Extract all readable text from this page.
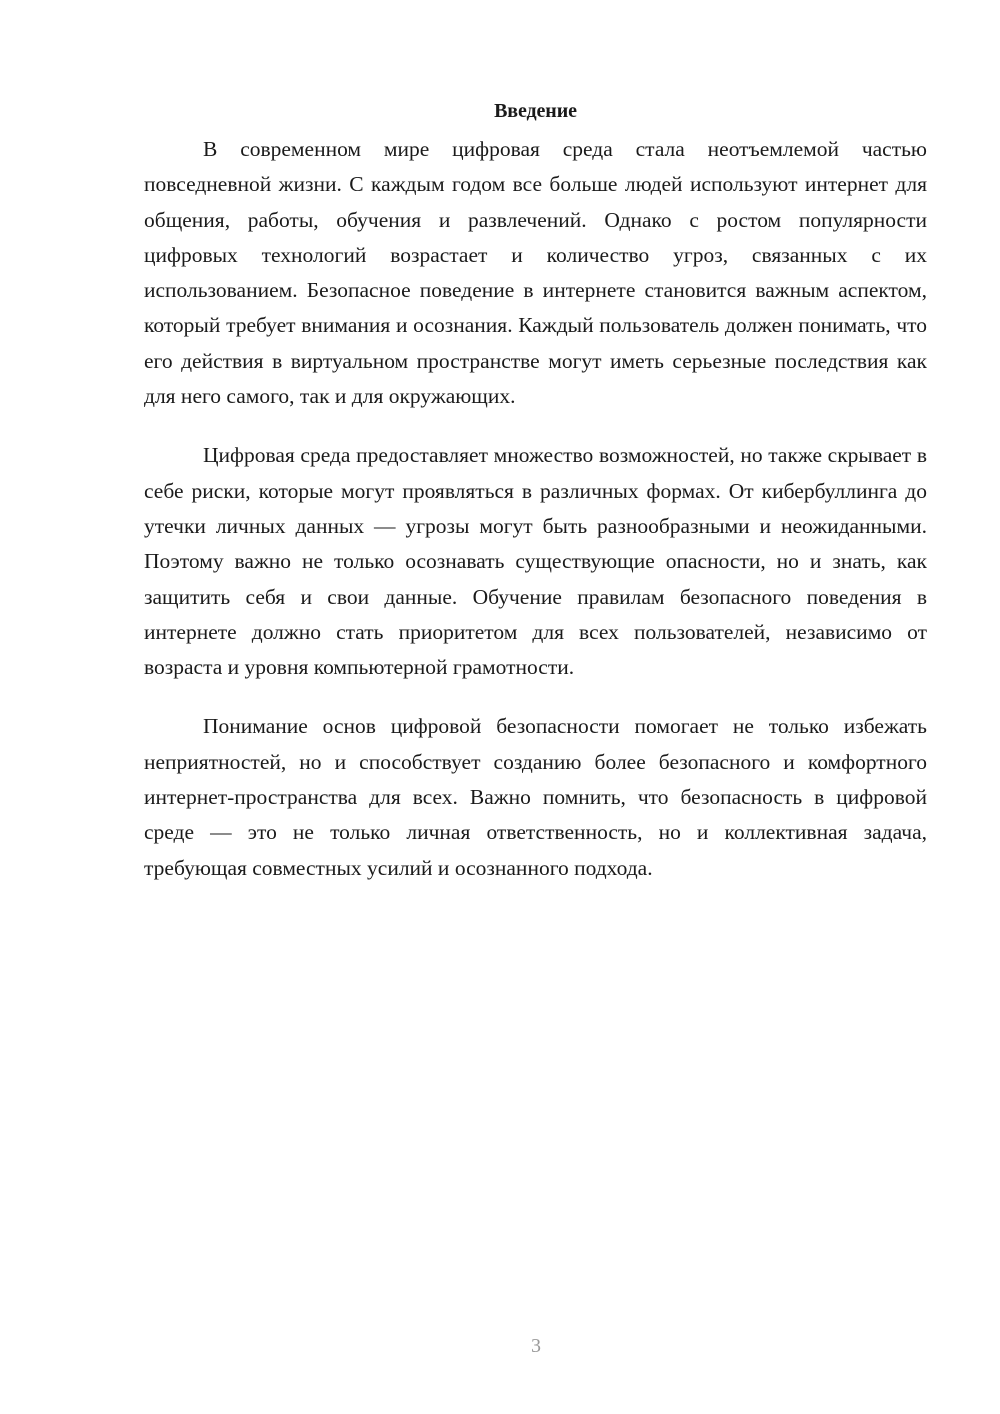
Введение

В современном мире цифровая среда стала неотъемлемой частью повседневной жизни. С каждым годом все больше людей используют интернет для общения, работы, обучения и развлечений. Однако с ростом популярности цифровых технологий возрастает и количество угроз, связанных с их использованием. Безопасное поведение в интернете становится важным аспектом, который требует внимания и осознания. Каждый пользователь должен понимать, что его действия в виртуальном пространстве могут иметь серьезные последствия как для него самого, так и для окружающих.

Цифровая среда предоставляет множество возможностей, но также скрывает в себе риски, которые могут проявляться в различных формах. От кибербуллинга до утечки личных данных — угрозы могут быть разнообразными и неожиданными. Поэтому важно не только осознавать существующие опасности, но и знать, как защитить себя и свои данные. Обучение правилам безопасного поведения в интернете должно стать приоритетом для всех пользователей, независимо от возраста и уровня компьютерной грамотности.

Понимание основ цифровой безопасности помогает не только избежать неприятностей, но и способствует созданию более безопасного и комфортного интернет-пространства для всех. Важно помнить, что безопасность в цифровой среде — это не только личная ответственность, но и коллективная задача, требующая совместных усилий и осознанного подхода.

3
